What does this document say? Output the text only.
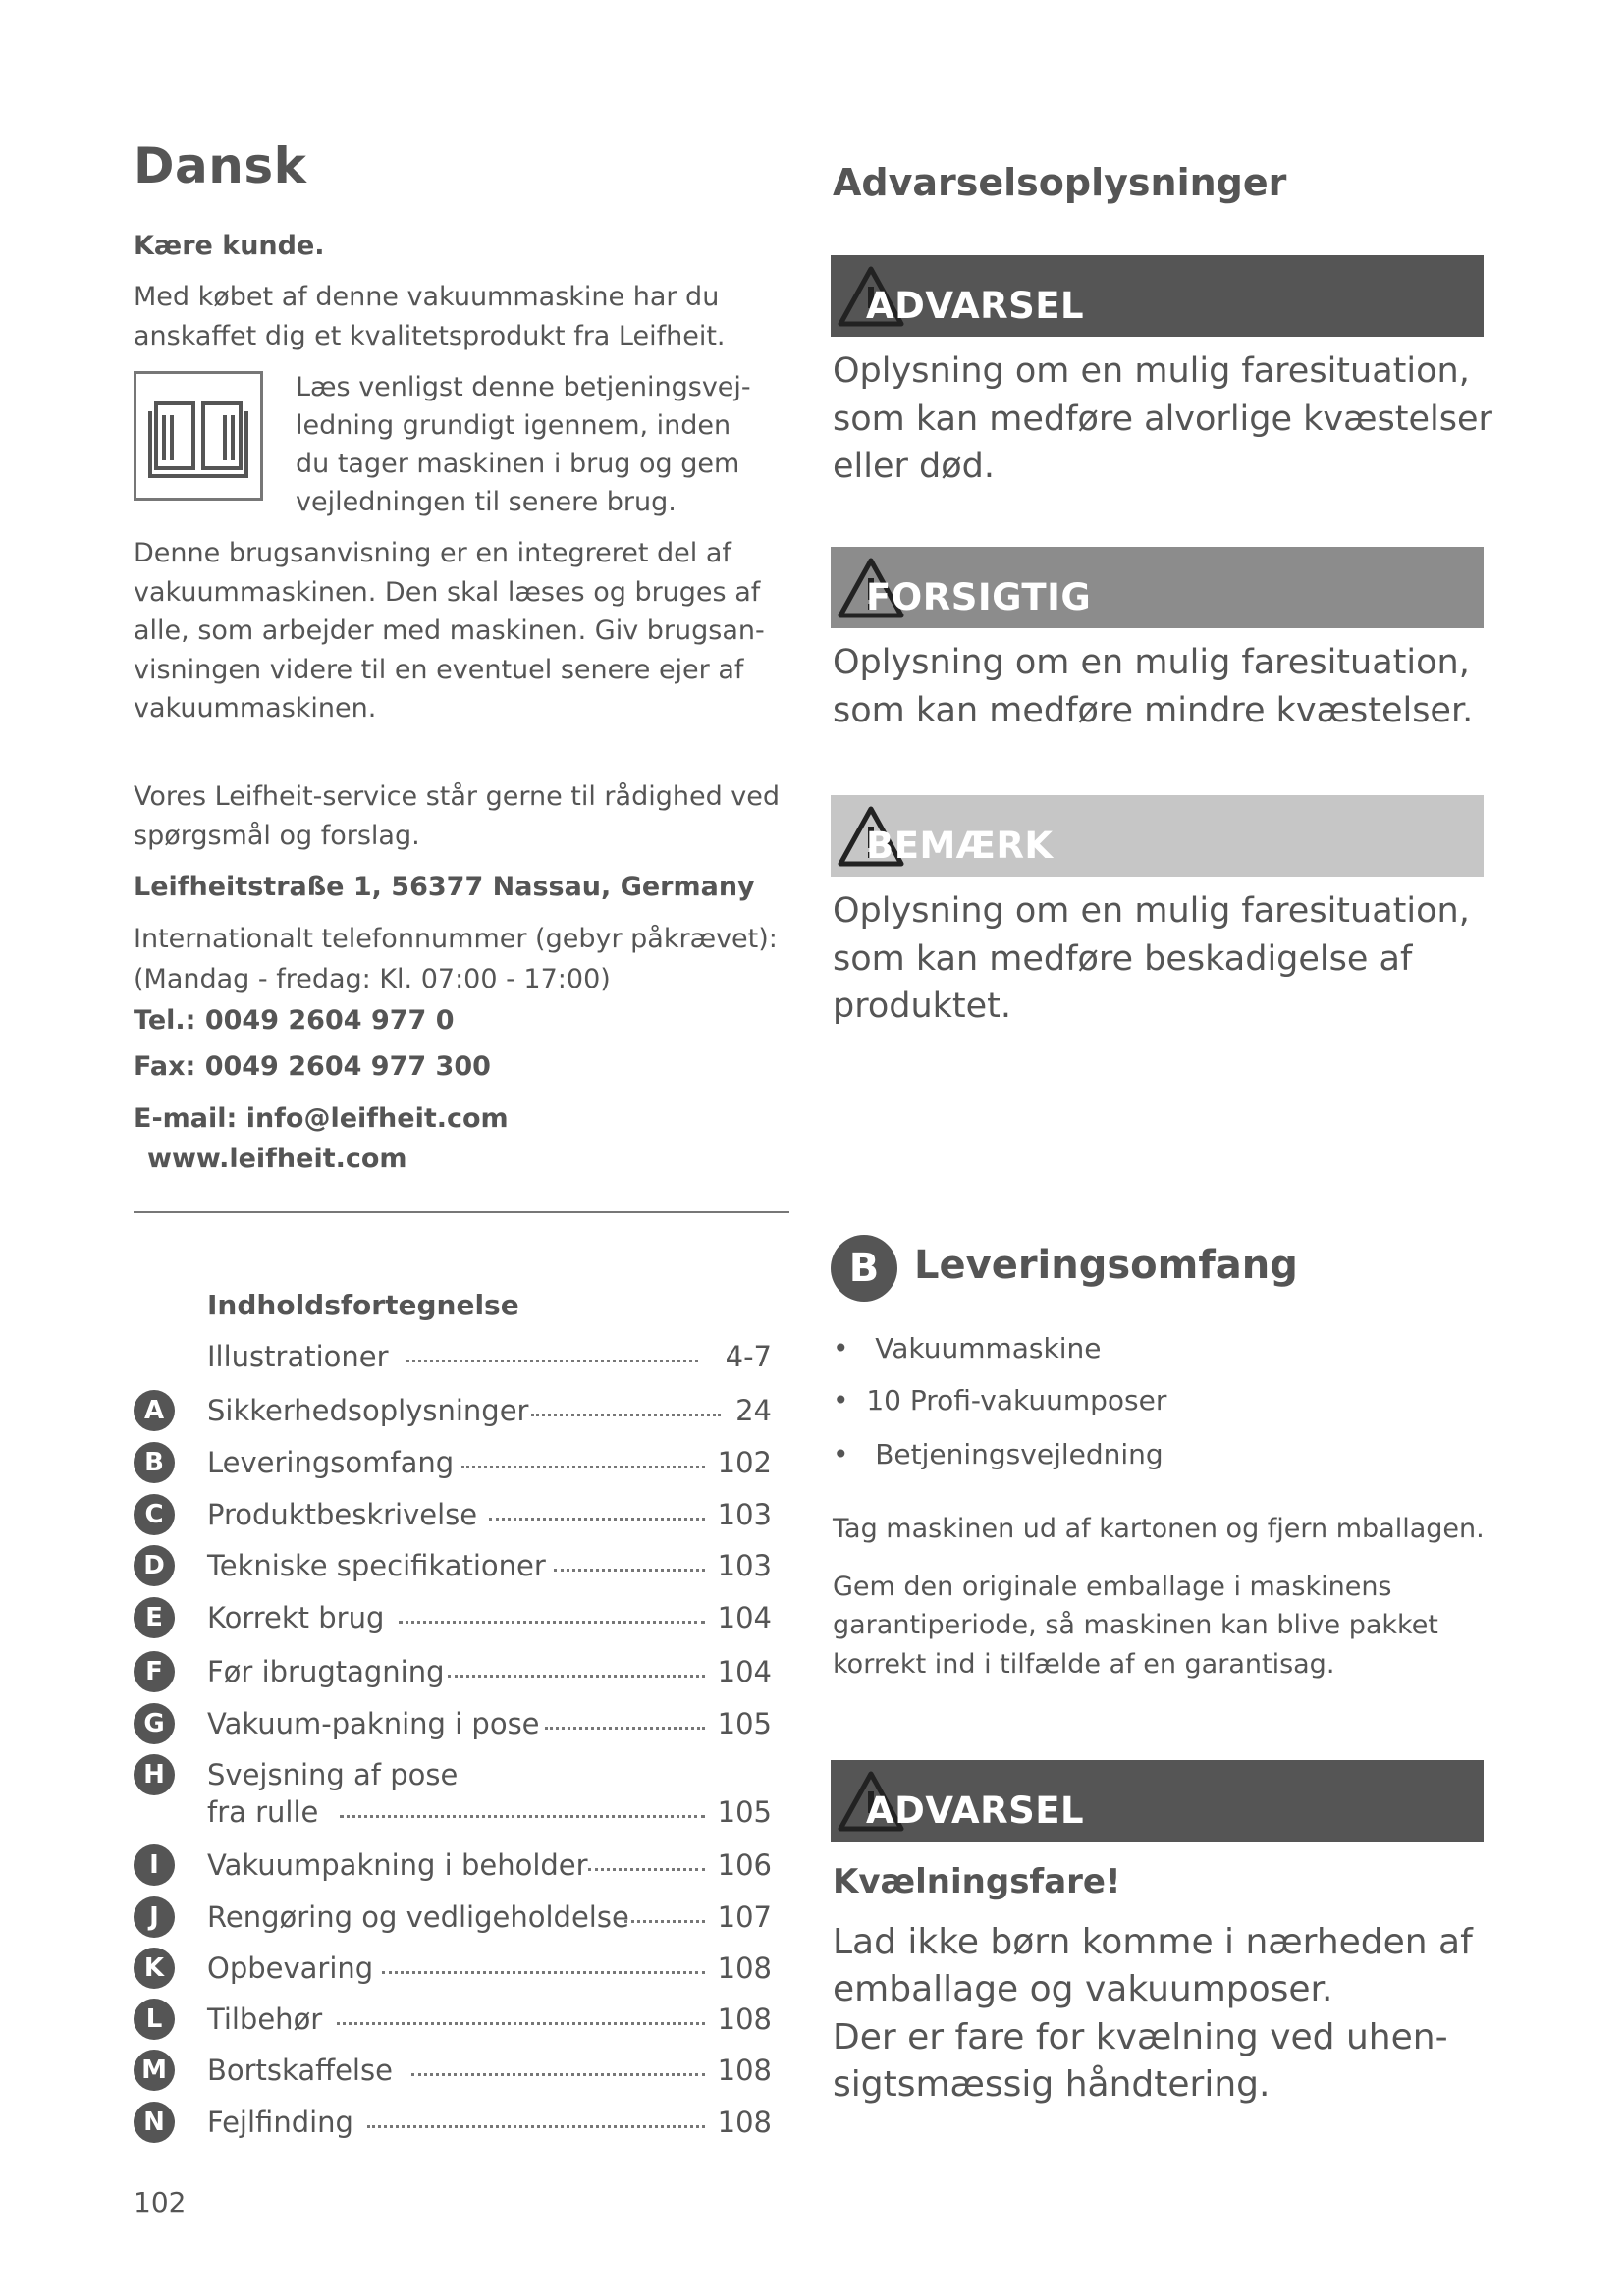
Dansk
Kære kunde.
Med købet af denne vakuummaskine har du
anskaffet dig et kvalitetsprodukt fra Leifheit.
Læs venligst denne betjeningsvej-
ledning grundigt igennem, inden
du tager maskinen i brug og gem
vejledningen til senere brug.
Denne brugsanvisning er en integreret del af
vakuummaskinen. Den skal læses og bruges af
alle, som arbejder med maskinen. Giv brugsan-
visningen videre til en eventuel senere ejer af
vakuummaskinen.
Vores Leifheit-service står gerne til rådighed ved
spørgsmål og forslag.
Leifheitstraße 1, 56377 Nassau, Germany
Internationalt telefonnummer (gebyr påkrævet):
(Mandag - fredag: Kl. 07:00 - 17:00)
Tel.: 0049 2604 977 0
Fax: 0049 2604 977 300
E-mail: info@leifheit.com
www.leifheit.com
Indholdsfortegnelse
Illustrationer	4-7
A	Sikkerhedsoplysninger	24
B	Leveringsomfang	102
C	Produktbeskrivelse	103
D	Tekniske specifikationer	103
E	Korrekt brug	104
F	Før ibrugtagning	104
G	Vakuum-pakning i pose	105
H	Svejsning af pose
fra rulle	105
I	Vakuumpakning i beholder	106
J	Rengøring og vedligeholdelse	107
K	Opbevaring	108
L	Tilbehør	108
M Bortskaffelse	108
N	Fejlfinding	108
102
Advarselsoplysninger
ADVARSEL
Oplysning om en mulig faresituation,
som kan medføre alvorlige kvæstelser
eller død.
FORSIGTIG
Oplysning om en mulig faresituation,
som kan medføre mindre kvæstelser.
BEMÆRK
Oplysning om en mulig faresituation,
som kan medføre beskadigelse af
produktet.
B Leveringsomfang
•   Vakuummaskine
•  10 Profi-vakuumposer
•   Betjeningsvejledning
Tag maskinen ud af kartonen og fjern mballagen.
Gem den originale emballage i maskinens
garantiperiode, så maskinen kan blive pakket
korrekt ind i tilfælde af en garantisag.
ADVARSEL
Kvælningsfare!
Lad ikke børn komme i nærheden af
emballage og vakuumposer.
Der er fare for kvælning ved uhen-
sigtsmæssig håndtering.
